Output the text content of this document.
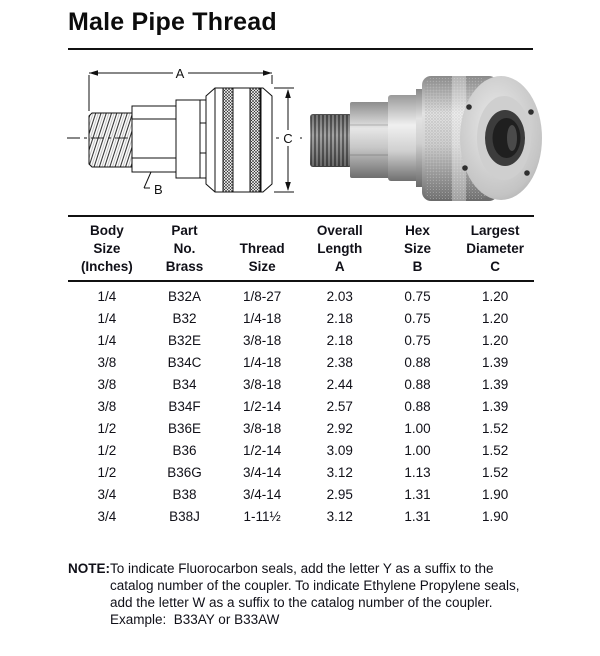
Male Pipe Thread
A
C
B
Body
Size
(Inches)

Part
No.
Brass

Thread
Size

Overall
Length
A

Hex
Size
B

Largest
Diameter
C

1/4	B32A	1/8-27	2.03	0.75	1.20
1/4	B32	1/4-18	2.18	0.75	1.20
1/4	B32E	3/8-18	2.18	0.75	1.20
3/8	B34C	1/4-18	2.38	0.88	1.39
3/8	B34	3/8-18	2.44	0.88	1.39
3/8	B34F	1/2-14	2.57	0.88	1.39
1/2	B36E	3/8-18	2.92	1.00	1.52
1/2	B36	1/2-14	3.09	1.00	1.52
1/2	B36G	3/4-14	3.12	1.13	1.52
3/4	B38	3/4-14	2.95	1.31	1.90
3/4	B38J	1-11½	3.12	1.31	1.90
NOTE: To indicate Fluorocarbon seals, add the letter Y as a suffix to the catalog number of the coupler. To indicate Ethylene Propylene seals, add the letter W as a suffix to the catalog number of the coupler.
Example:  B33AY or B33AW
